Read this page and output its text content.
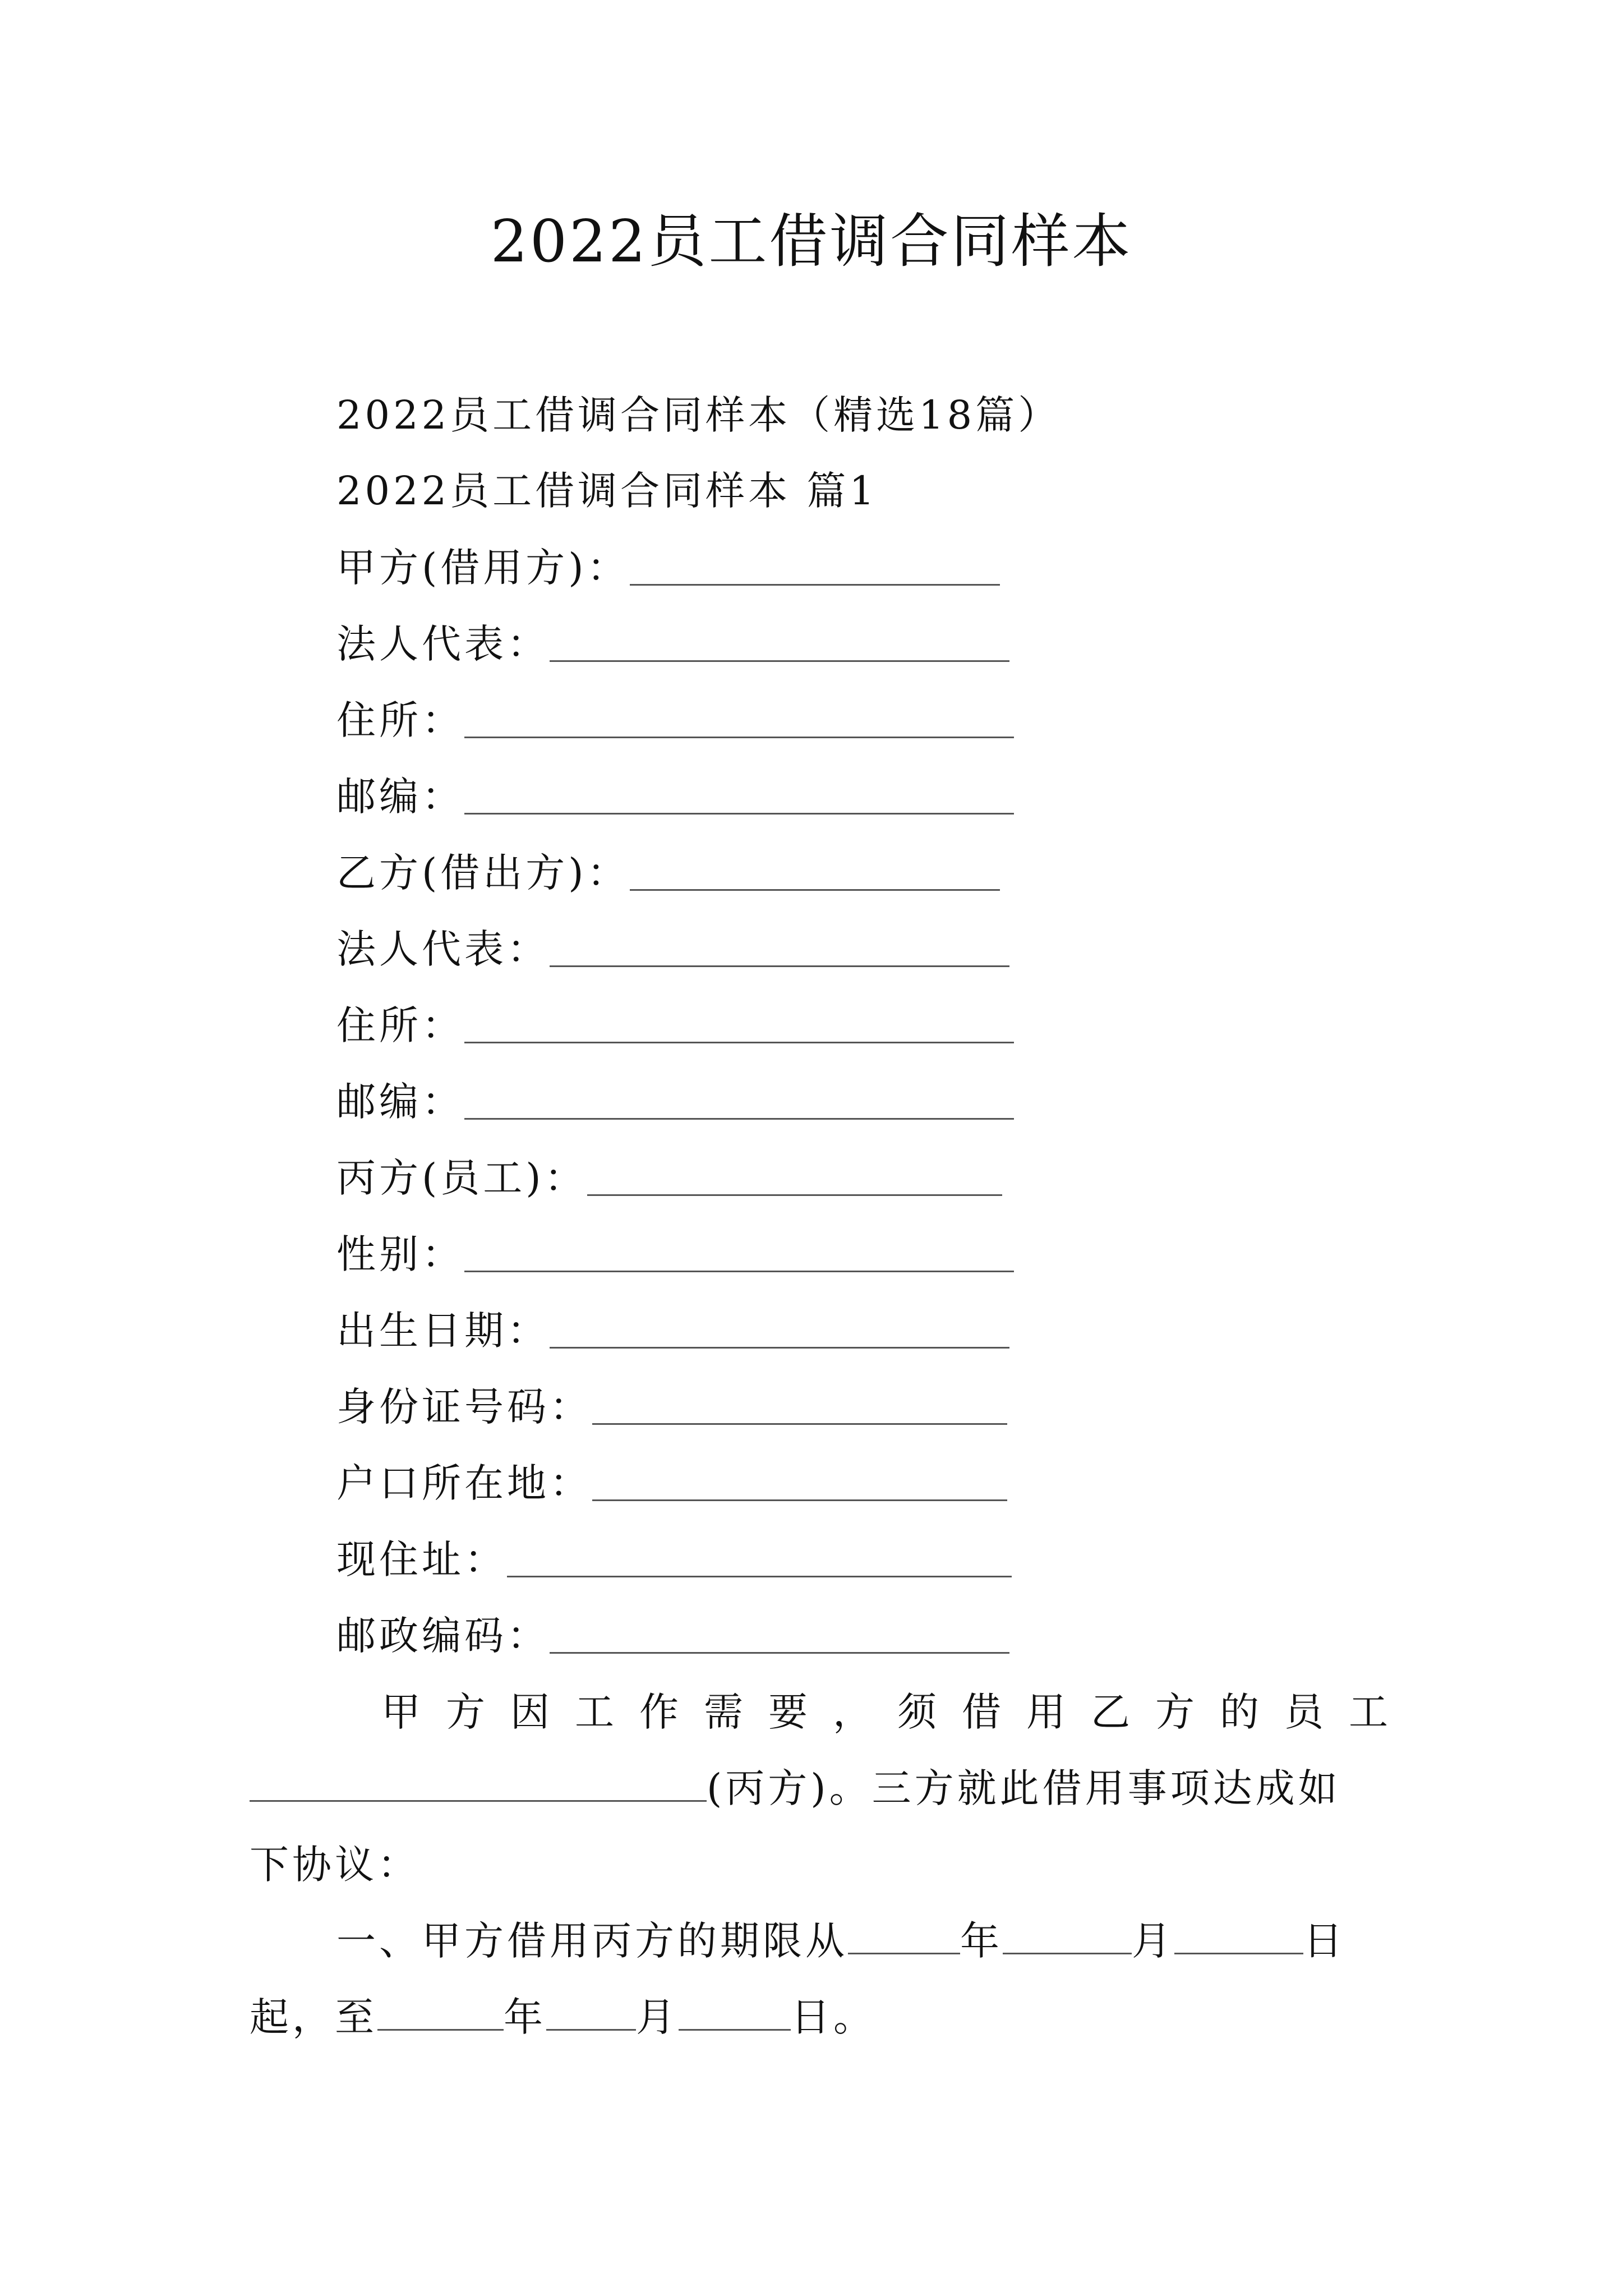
2022员工借调合同样本
2022员工借调合同样本（精选18篇）
2022员工借调合同样本 篇1
甲方(借用方)：
法人代表：
住所：
邮编：
乙方(借出方)：
法人代表：
住所：
邮编：
丙方(员工)：
性别：
出生日期：
身份证号码：
户口所在地：
现住址：
邮政编码：
甲 方 因 工 作 需 要 ， 须 借 用 乙 方 的 员 工
(丙方)。三方就此借用事项达成如
下协议：
一、甲方借用丙方的期限从	年	月	日
起，至	年 月	日。
